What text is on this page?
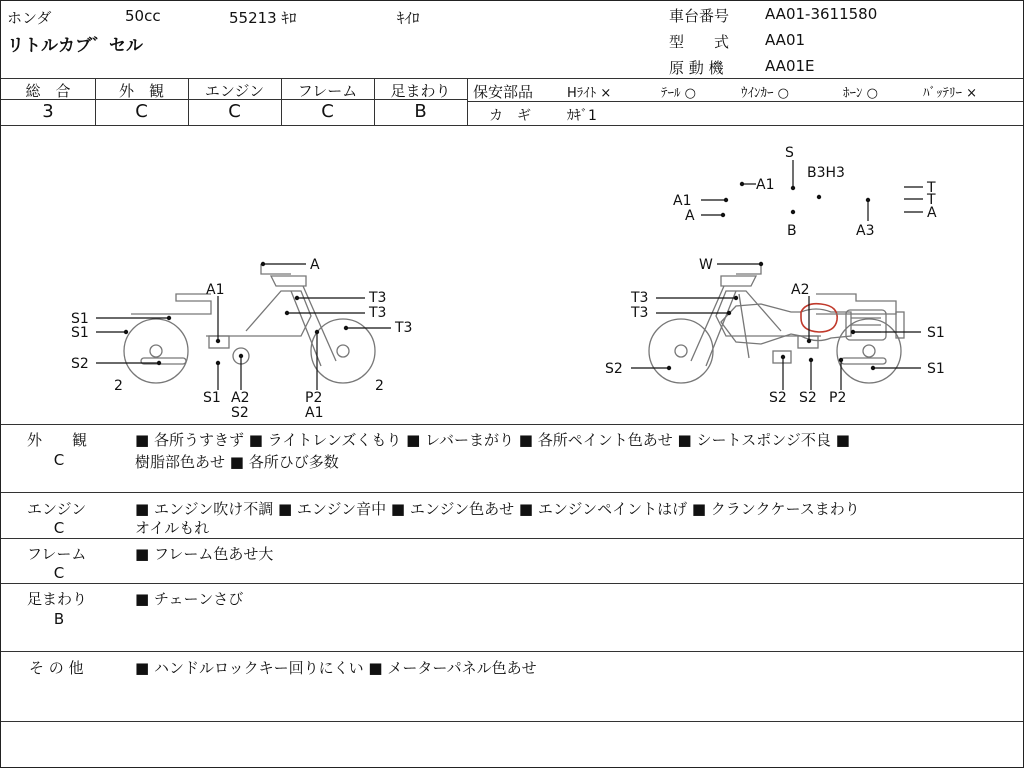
ホンダ	50cc	55213 ｷﾛ	ｷｲﾛ
リトルカブ゛セル
車台番号 AA01-3611580
型　　式 AA01
原 動 機	AA01E
総　合
3
外　観
C
エンジン
C
フレーム
C
足まわり
B
保安部品	Hﾗｲﾄ ×	ﾃｰﾙ ○	ｳｲﾝｶｰ ○	ﾎｰﾝ ○	ﾊﾞｯﾃﾘｰ ×
カ　ギ	ｶｷﾞ1
S
B3H3
A1
A1
A
B	A3
T
T
A
A
A1	T3
T3
T3
S1
S1
S2
2
S1 A2
S2
P2
A1
2
W
A2
T3
T3
S1
S2	S1
S2 S2 P2
外　　観
C
■ 各所うすきず ■ ライトレンズくもり ■ レバーまがり ■ 各所ペイント色あせ ■ シートスポンジ不良 ■
樹脂部色あせ ■ 各所ひび多数
エンジン
C
■ エンジン吹け不調 ■ エンジン音中 ■ エンジン色あせ ■ エンジンペイントはげ ■ クランクケースまわり
オイルもれ
フレーム
C
■ フレーム色あせ大
足まわり
B
■ チェーンさび
そ の 他	■ ハンドルロックキー回りにくい ■ メーターパネル色あせ
